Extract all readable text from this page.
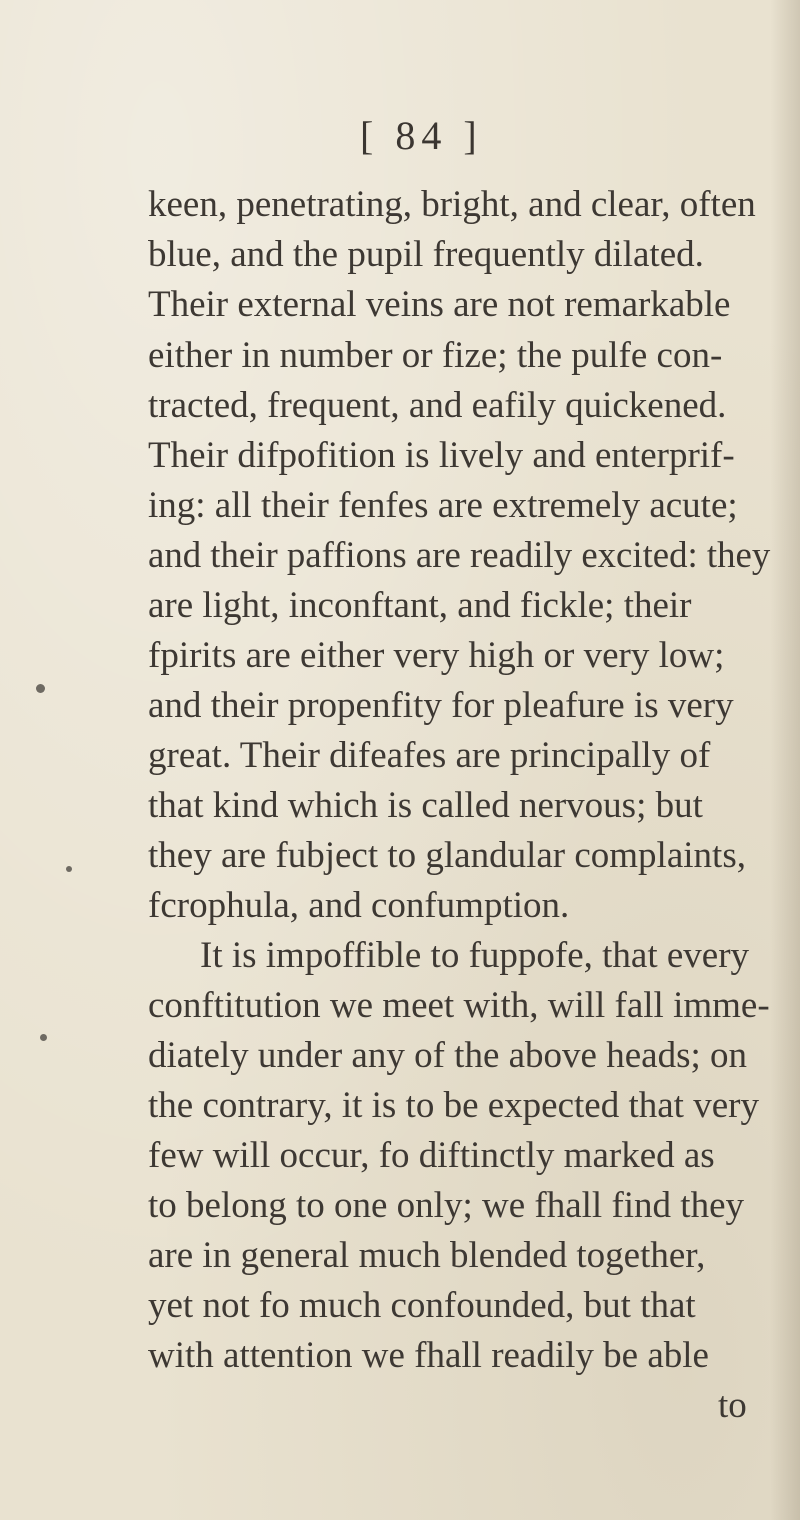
[ 84 ]
keen, penetrating, bright, and clear, often
blue, and the pupil frequently dilated.
Their external veins are not remarkable
either in number or fize; the pulfe con-
tracted, frequent, and eafily quickened.
Their difpofition is lively and enterprif-
ing: all their fenfes are extremely acute;
and their paffions are readily excited: they
are light, inconftant, and fickle; their
fpirits are either very high or very low;
and their propenfity for pleafure is very
great. Their difeafes are principally of
that kind which is called nervous; but
they are fubject to glandular complaints,
fcrophula, and confumption.
It is impoffible to fuppofe, that every
conftitution we meet with, will fall imme-
diately under any of the above heads; on
the contrary, it is to be expected that very
few will occur, fo diftinctly marked as
to belong to one only; we fhall find they
are in general much blended together,
yet not fo much confounded, but that
with attention we fhall readily be able
to
